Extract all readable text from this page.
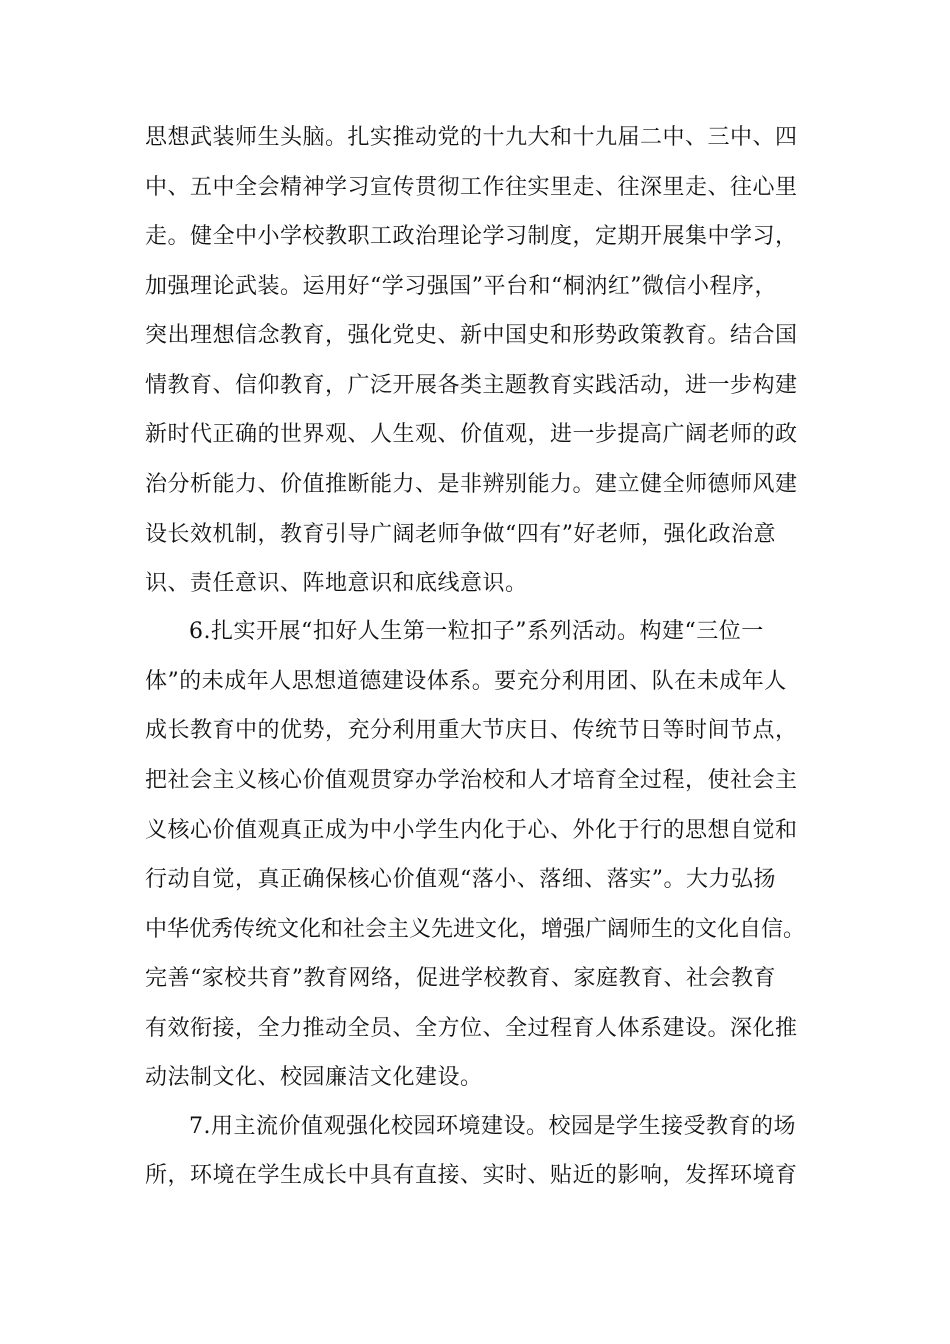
思想武装师生头脑。扎实推动党的十九大和十九届二中、三中、四
中、五中全会精神学习宣传贯彻工作往实里走、往深里走、往心里
走。健全中小学校教职工政治理论学习制度，定期开展集中学习，
加强理论武装。运用好“学习强国”平台和“桐汭红”微信小程序，
突出理想信念教育，强化党史、新中国史和形势政策教育。结合国
情教育、信仰教育，广泛开展各类主题教育实践活动，进一步构建
新时代正确的世界观、人生观、价值观，进一步提高广阔老师的政
治分析能力、价值推断能力、是非辨别能力。建立健全师德师风建
设长效机制，教育引导广阔老师争做“四有”好老师，强化政治意
识、责任意识、阵地意识和底线意识。
6.扎实开展“扣好人生第一粒扣子”系列活动。构建“三位一
体”的未成年人思想道德建设体系。要充分利用团、队在未成年人
成长教育中的优势，充分利用重大节庆日、传统节日等时间节点，
把社会主义核心价值观贯穿办学治校和人才培育全过程，使社会主
义核心价值观真正成为中小学生内化于心、外化于行的思想自觉和
行动自觉，真正确保核心价值观“落小、落细、落实”。大力弘扬
中华优秀传统文化和社会主义先进文化，增强广阔师生的文化自信。
完善“家校共育”教育网络，促进学校教育、家庭教育、社会教育
有效衔接，全力推动全员、全方位、全过程育人体系建设。深化推
动法制文化、校园廉洁文化建设。
7.用主流价值观强化校园环境建设。校园是学生接受教育的场
所，环境在学生成长中具有直接、实时、贴近的影响，发挥环境育
